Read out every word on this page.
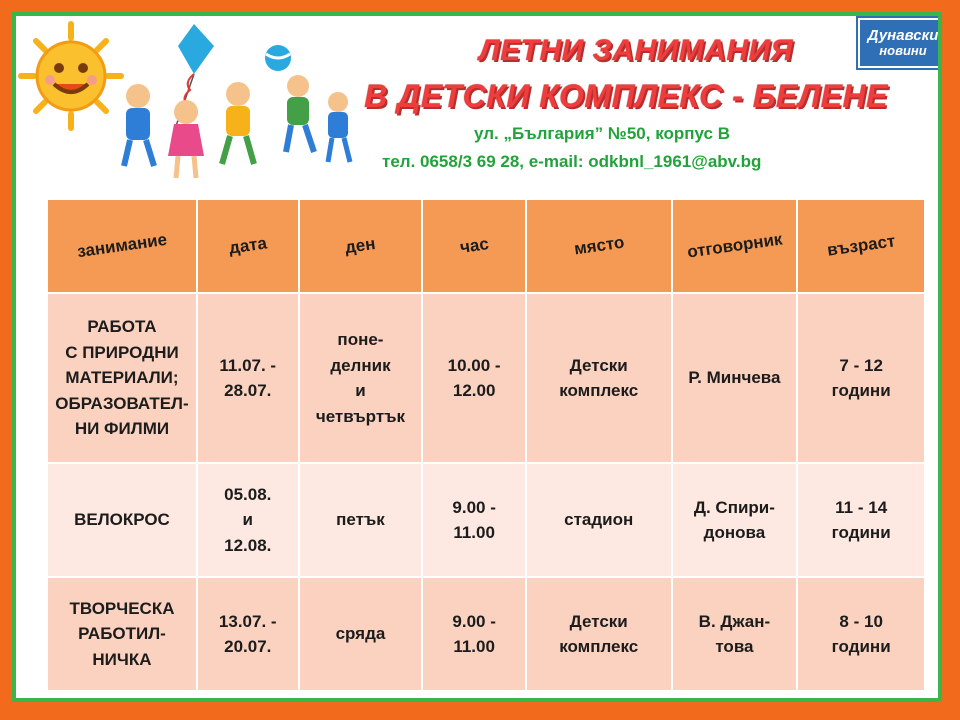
Дунавски
новини
ЛЕТНИ ЗАНИМАНИЯ
В ДЕТСКИ КОМПЛЕКС - БЕЛЕНЕ
ул. „България” №50, корпус В
тел. 0658/3 69 28, e-mail: odkbnl_1961@abv.bg
занимание	дата	ден	час	място	отговорник	възраст
РАБОТА
С ПРИРОДНИ
МАТЕРИАЛИ;
ОБРАЗОВАТЕЛ-
НИ ФИЛМИ	11.07. -
28.07.	поне-
делник
и
четвъртък	10.00 -
12.00	Детски
комплекс	Р. Минчева	7 - 12
години
ВЕЛОКРОС	05.08.
и
12.08.	петък	9.00 -
11.00	стадион	Д. Спири-
донова	11 - 14
години
ТВОРЧЕСКА
РАБОТИЛ-
НИЧКА	13.07. -
20.07.	сряда	9.00 -
11.00	Детски
комплекс	В. Джан-
това	8 - 10
години
